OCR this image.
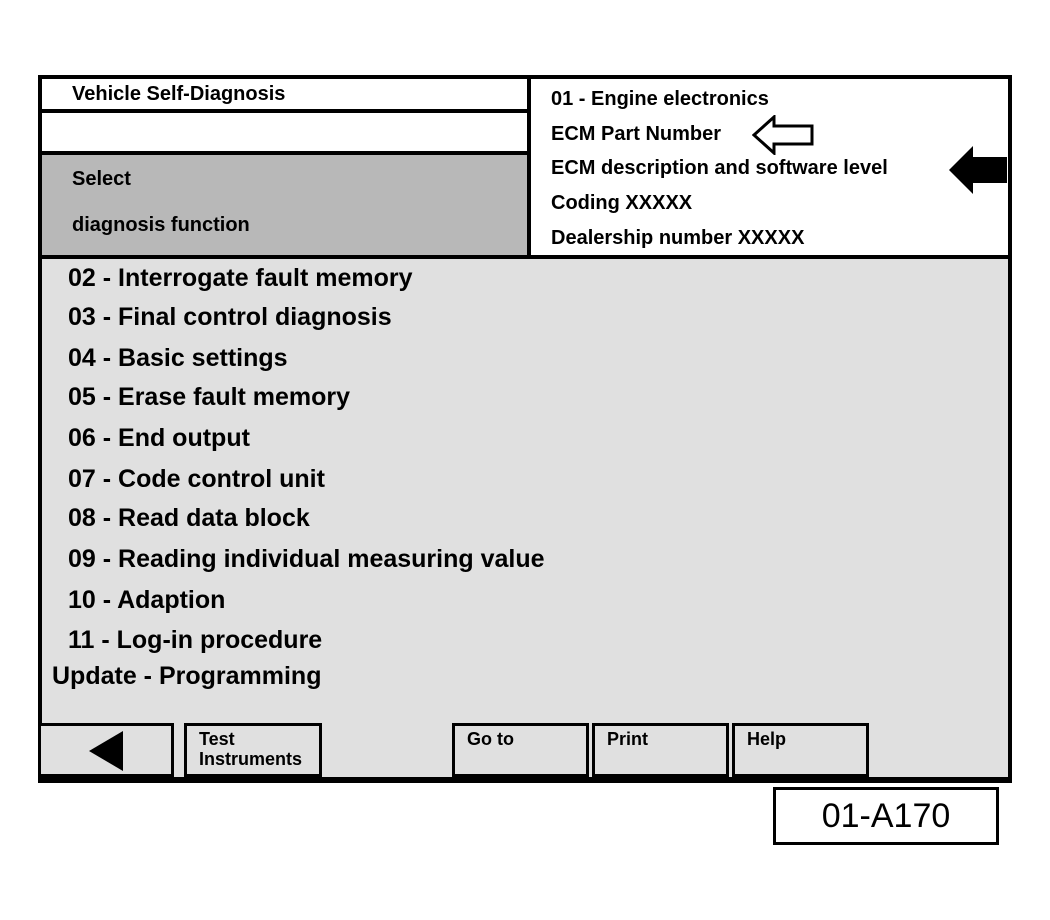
Vehicle Self-Diagnosis
Select
diagnosis function
01 - Engine electronics
ECM Part Number
ECM description and software level
Coding XXXXX
Dealership number XXXXX
02 - Interrogate fault memory
03 - Final control diagnosis
04 - Basic settings
05 - Erase fault memory
06 - End output
07 - Code control unit
08 - Read data block
09 - Reading individual measuring value
10 - Adaption
11 - Log-in procedure
Update - Programming
Test
Instruments
Go to	Print	Help
01-A170
